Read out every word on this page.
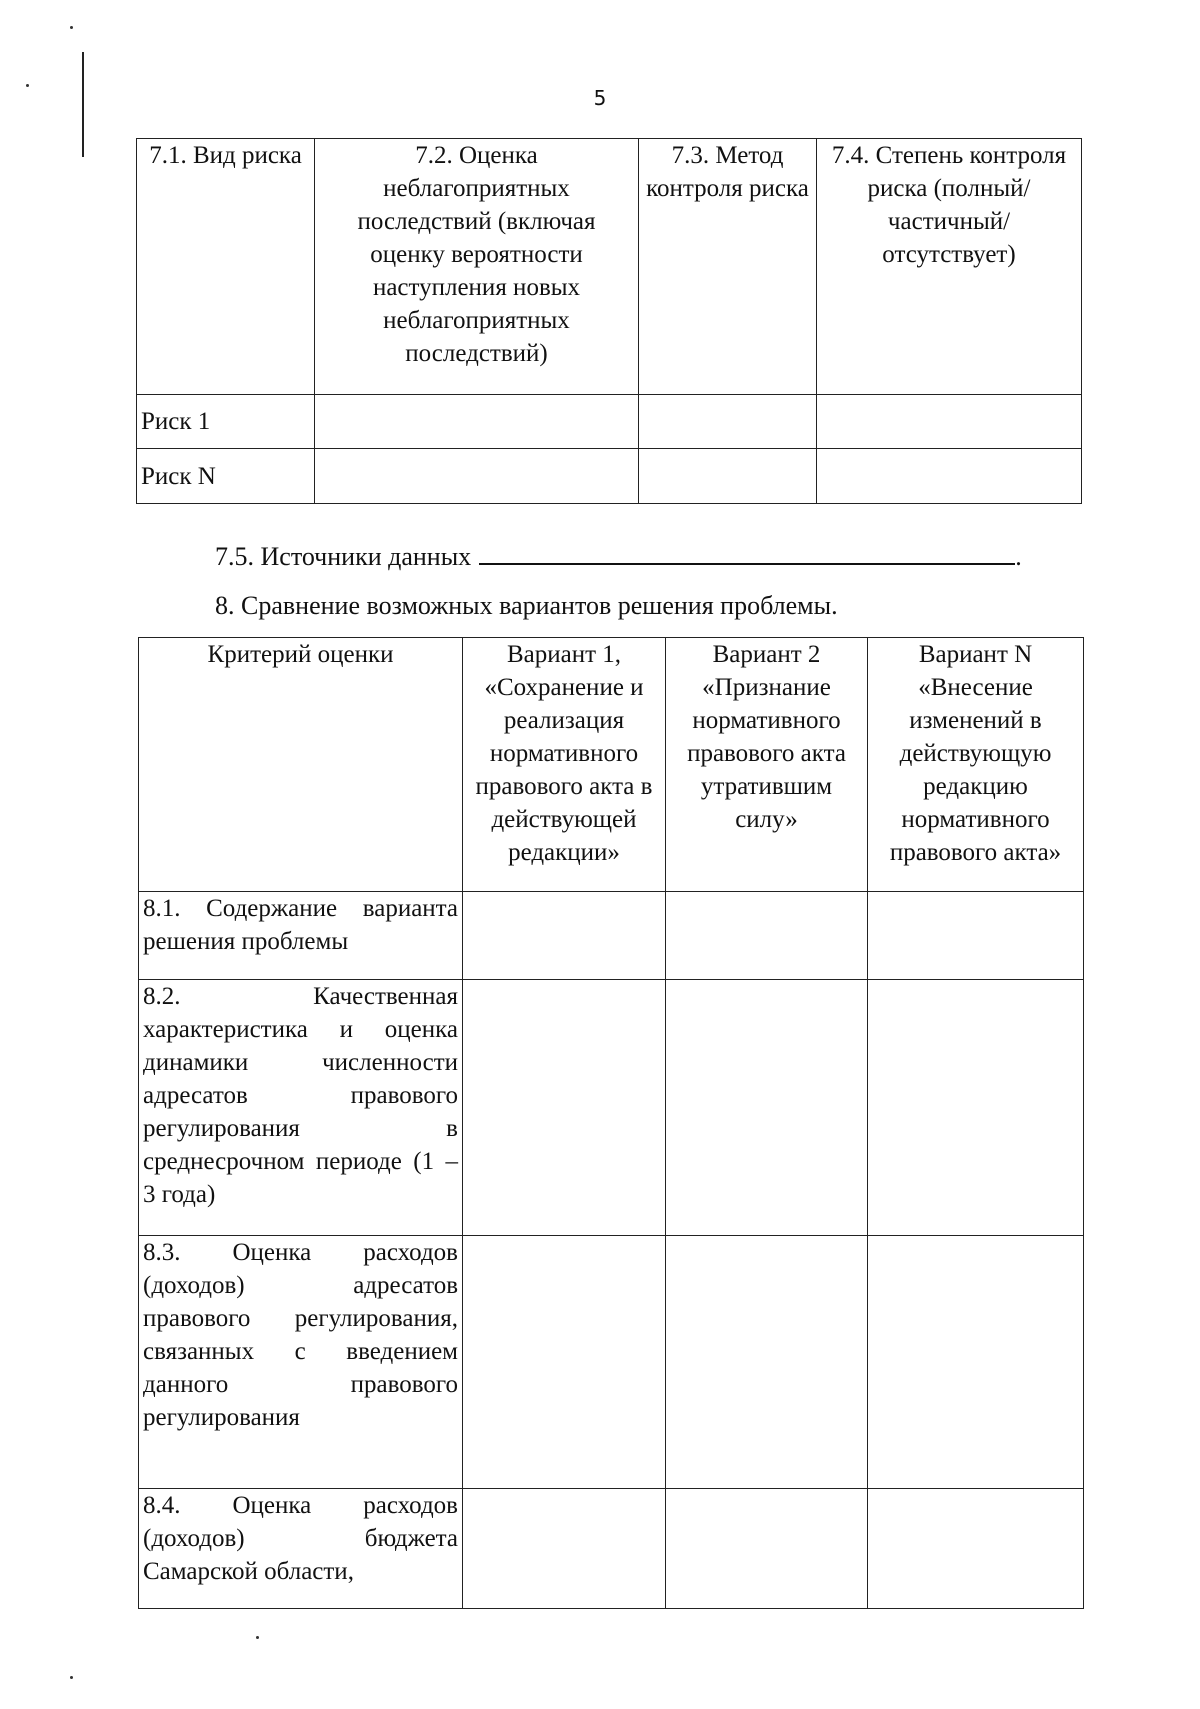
5
7.1. Вид риска	7.2. Оценка неблагоприятных последствий (включая оценку вероятности наступления новых неблагоприятных последствий)	7.3. Метод контроля риска	7.4. Степень контроля риска (полный/частичный/ отсутствует)
Риск 1			
Риск N			
7.5. Источники данных	.
8. Сравнение возможных вариантов решения проблемы.
Критерий оценки	Вариант 1, «Сохранение и реализация нормативного правового акта в действующей редакции»	Вариант 2 «Признание нормативного правового акта утратившим силу»	Вариант N «Внесение изменений в действующую редакцию нормативного правового акта»
8.1. Содержание варианта решения проблемы			
8.2. Качественная характеристика и оценка динамики численности адресатов правового регулирования в среднесрочном периоде (1 – 3 года)			
8.3. Оценка расходов (доходов) адресатов правового регулирования, связанных с введением данного правового регулирования			
8.4. Оценка расходов (доходов) бюджета Самарской области,			
